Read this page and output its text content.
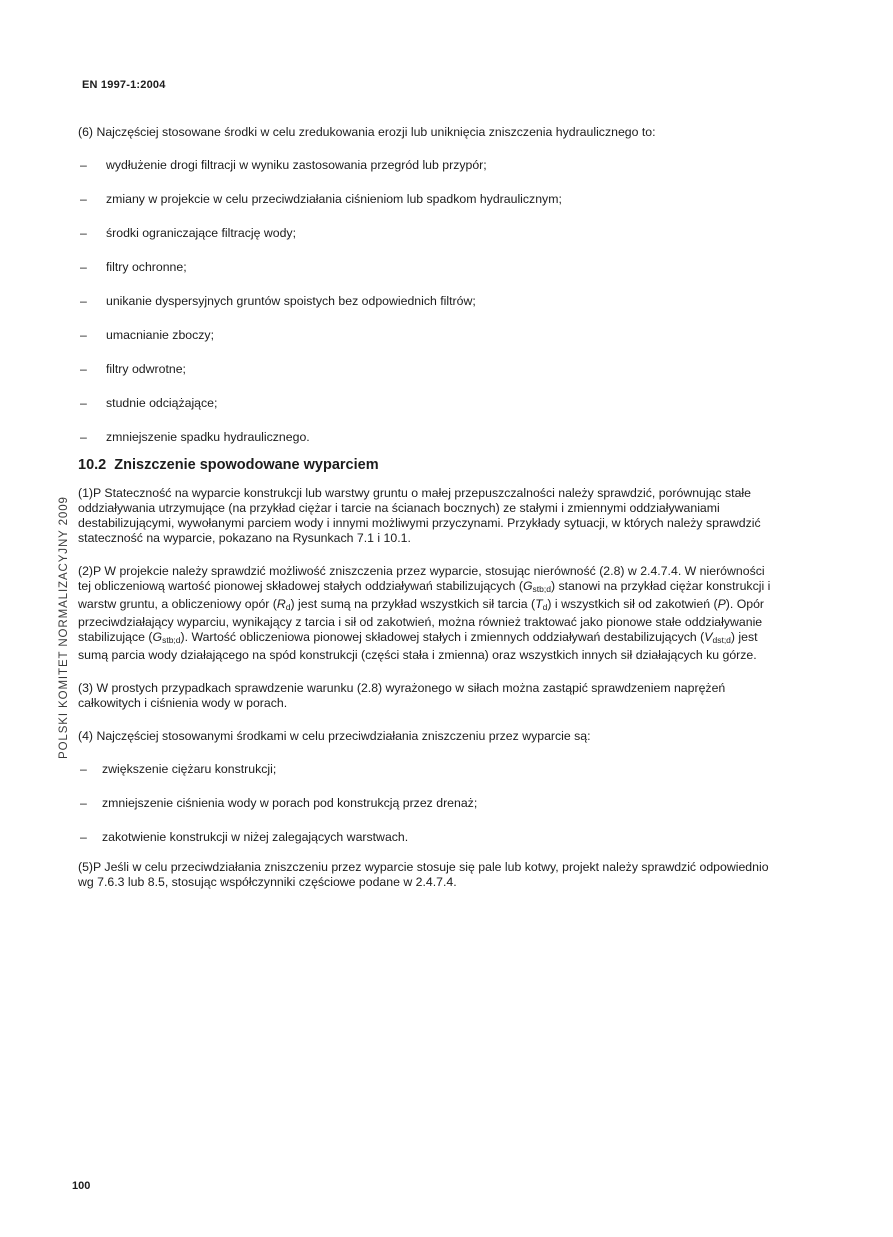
EN 1997-1:2004
POLSKI KOMITET NORMALIZACYJNY 2009

(6) Najczęściej stosowane środki w celu zredukowania erozji lub uniknięcia zniszczenia hydraulicznego to:

– wydłużenie drogi filtracji w wyniku zastosowania przegród lub przypór;
– zmiany w projekcie w celu przeciwdziałania ciśnieniom lub spadkom hydraulicznym;
– środki ograniczające filtrację wody;
– filtry ochronne;
– unikanie dyspersyjnych gruntów spoistych bez odpowiednich filtrów;
– umacnianie zboczy;
– filtry odwrotne;
– studnie odciążające;
– zmniejszenie spadku hydraulicznego.
10.2 Zniszczenie spowodowane wyparciem

(1)P Stateczność na wyparcie konstrukcji lub warstwy gruntu o małej przepuszczalności należy sprawdzić, porównując stałe oddziaływania utrzymujące (na przykład ciężar i tarcie na ścianach bocznych) ze stałymi i zmiennymi oddziaływaniami destabilizującymi, wywołanymi parciem wody i innymi możliwymi przyczynami. Przykłady sytuacji, w których należy sprawdzić stateczność na wyparcie, pokazano na Rysunkach 7.1 i 10.1.

(2)P W projekcie należy sprawdzić możliwość zniszczenia przez wyparcie, stosując nierówność (2.8) w 2.4.7.4. W nierówności tej obliczeniową wartość pionowej składowej stałych oddziaływań stabilizujących $(G_{stb;d})$ stanowi na przykład ciężar konstrukcji i warstw gruntu, a obliczeniowy opór $(R_d)$ jest sumą na przykład wszystkich sił tarcia $(T_d)$ i wszystkich sił od zakotwień (P). Opór przeciwdziałający wyparciu, wynikający z tarcia i sił od zakotwień, można również traktować jako pionowe stałe oddziaływanie stabilizujące $(G_{stb;d})$. Wartość obliczeniowa pionowej składowej stałych i zmiennych oddziaływań destabilizujących $(V_{dst;d})$ jest sumą parcia wody działającego na spód konstrukcji (części stała i zmienna) oraz wszystkich innych sił działających ku górze.

(3) W prostych przypadkach sprawdzenie warunku (2.8) wyrażonego w siłach można zastąpić sprawdzeniem naprężeń całkowitych i ciśnienia wody w porach.

(4) Najczęściej stosowanymi środkami w celu przeciwdziałania zniszczeniu przez wyparcie są:

– zwiększenie ciężaru konstrukcji;
– zmniejszenie ciśnienia wody w porach pod konstrukcją przez drenaż;
– zakotwienie konstrukcji w niżej zalegających warstwach.

(5)P Jeśli w celu przeciwdziałania zniszczeniu przez wyparcie stosuje się pale lub kotwy, projekt należy sprawdzić odpowiednio wg 7.6.3 lub 8.5, stosując współczynniki częściowe podane w 2.4.7.4.

100
